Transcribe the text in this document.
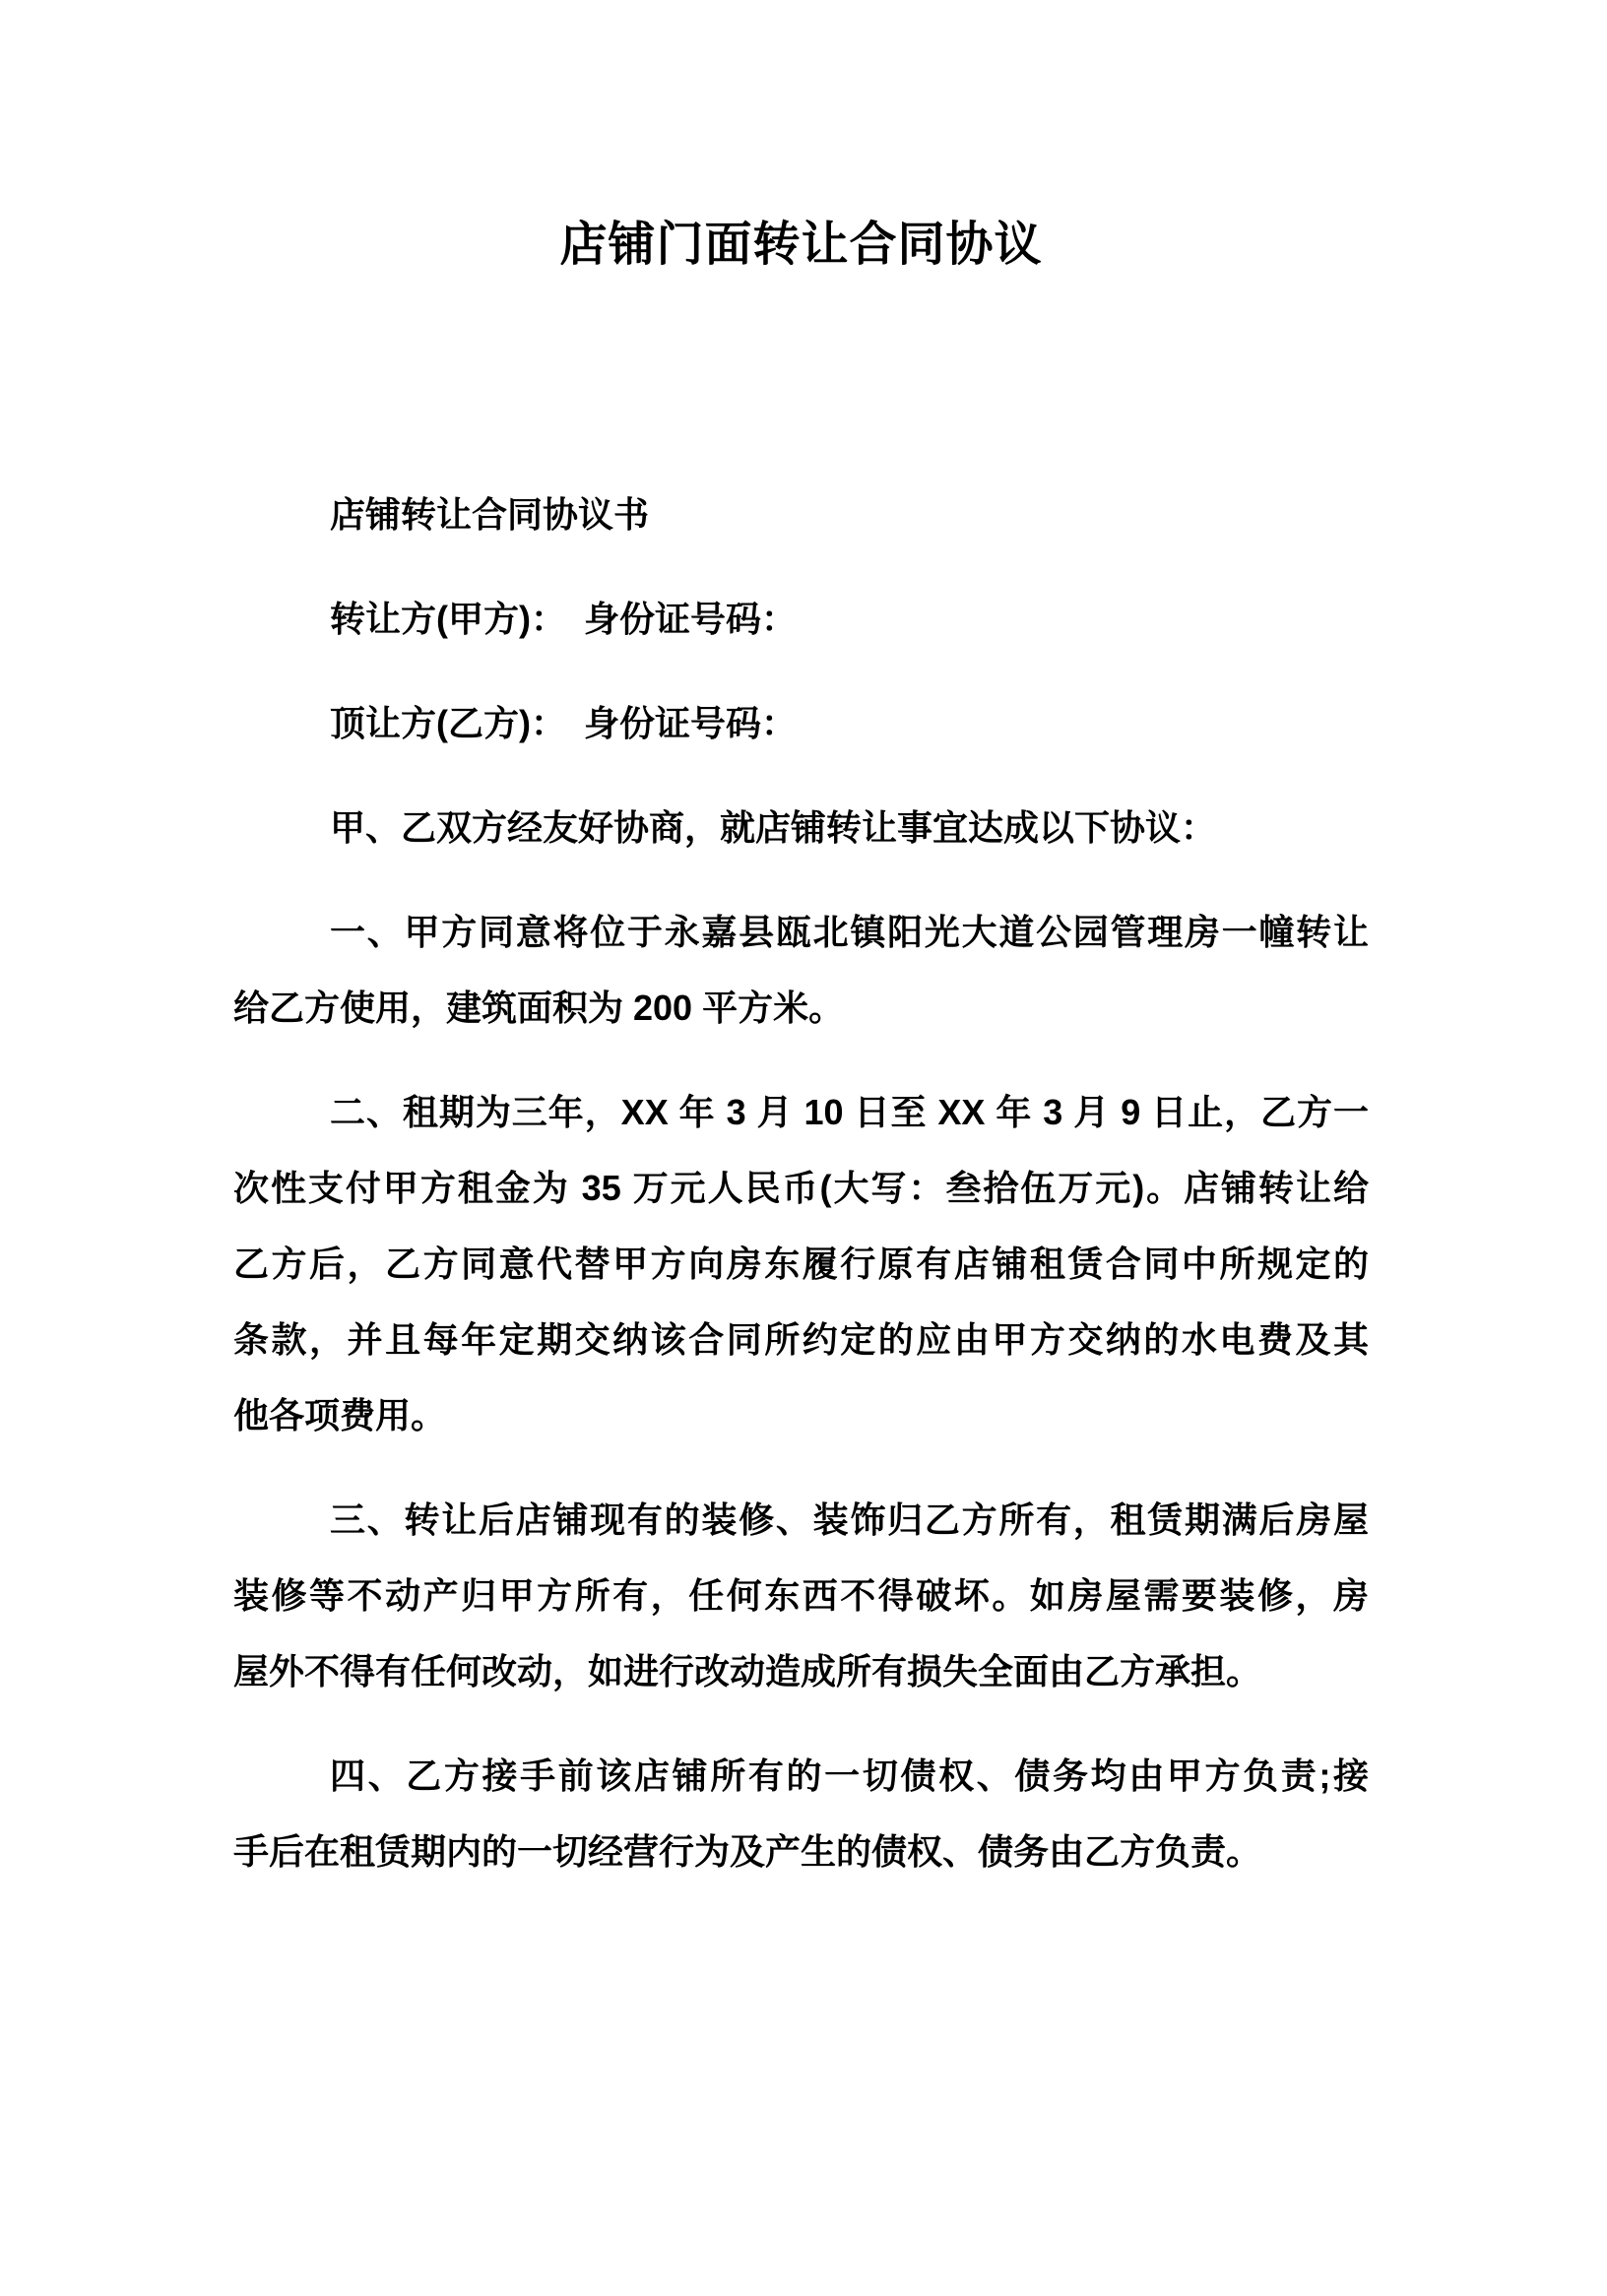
店铺门面转让合同协议
店铺转让合同协议书
转让方(甲方)：　身份证号码：
顶让方(乙方)：　身份证号码：
甲、乙双方经友好协商，就店铺转让事宜达成以下协议：
一、甲方同意将位于永嘉县瓯北镇阳光大道公园管理房一幢转让
给乙方使用，建筑面积为 200 平方米。
二、租期为三年，XX 年 3 月 10 日至 XX 年 3 月 9 日止，乙方一
次性支付甲方租金为 35 万元人民币(大写：叁拾伍万元)。店铺转让给
乙方后，乙方同意代替甲方向房东履行原有店铺租赁合同中所规定的
条款，并且每年定期交纳该合同所约定的应由甲方交纳的水电费及其
他各项费用。
三、转让后店铺现有的装修、装饰归乙方所有，租赁期满后房屋
装修等不动产归甲方所有，任何东西不得破坏。如房屋需要装修，房
屋外不得有任何改动，如进行改动造成所有损失全面由乙方承担。
四、乙方接手前该店铺所有的一切债权、债务均由甲方负责;接
手后在租赁期内的一切经营行为及产生的债权、债务由乙方负责。
